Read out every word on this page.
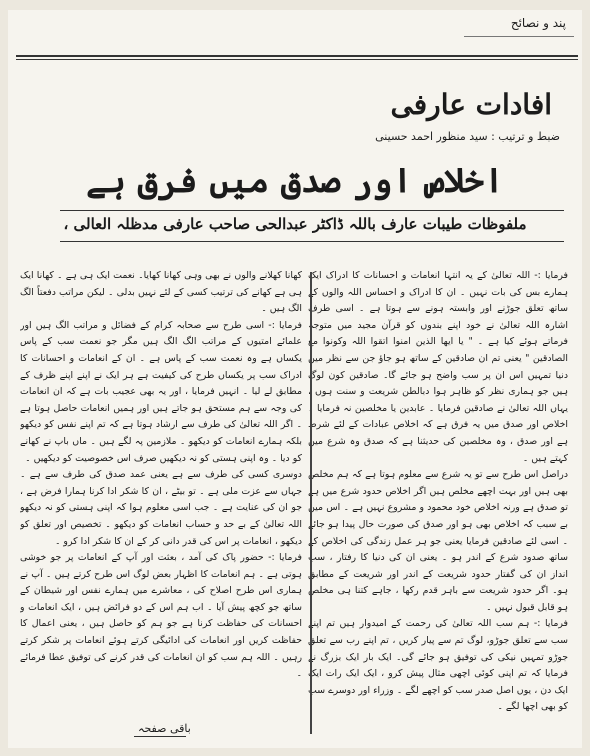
پند و نصائح
افادات عارفی
ضبط و ترتیب : سید منظور احمد حسینی
اخلاص اور صدق میں فرق ہے
ملفوظات طیبات عارف باللہ ڈاکٹر عبدالحی صاحب عارفی مدظلہ العالی ،

فرمایا :- اللہ تعالیٰ کے یہ انتہا انعامات و احسانات کا ادراک ایک ہمارے بس کی بات نہیں ۔ ان کا ادراک و احساس اللہ والوں کے ساتھ تعلق جوڑنے اور وابستہ ہونے سے ہوتا ہے ۔ اسی طرف اشارہ اللہ تعالیٰ نے خود اپنے بندوں کو قرآن مجید میں متوجہ فرماتے ہوئے کیا ہے ۔ " یا ایھا الذین امنوا اتقوا اللہ وکونوا مع الصادقین " یعنی تم ان صادقین کے ساتھ ہو جاؤ جن سے نظر میں دنیا تمہیں اس ان پر سب واضح ہو جائے گا۔ صادقین کون لوگ ہیں جو ہماری نظر کو ظاہر ہوا دبالطن شریعت و سنت ہوں ، یہاں اللہ تعالیٰ نے صادقین فرمایا ۔ عابدین یا مخلصین نہ فرمایا ۔ اخلاص اور صدق میں یہ فرق ہے کہ اخلاص عبادات کے لئے شرط ہے اور صدق ، وہ مخلصین کی حدیثنا ہے کہ صدق وہ شرع میں کہتے ہیں ۔

دراصل اس طرح سے تو یہ شرع سے معلوم ہوتا ہے کہ ہم مخلص بھی ہیں اور بہت اچھے مخلص ہیں اگر اخلاص حدود شرع میں ہے تو صدق ہے ورنہ اخلاص خود محمود و مشروع نہیں ہے ۔ اس میں بے سبب کہ اخلاص بھی ہو اور صدق کی صورت حال پیدا ہو جائے ۔ اسی لئے صادقین فرمایا یعنی جو ہر عمل زندگی کی اخلاص کے ساتھ صدود شرع کے اندر ہو ۔ یعنی ان کی دنیا کا رفتار ، سب انداز ان کی گفتار حدود شریعت کے اندر اور شریعت کے مطابق ہو۔ اگر حدود شریعت سے باہر قدم رکھا ، جاہے کتنا ہی مخلص ہو قابل قبول نہیں ۔

فرمایا :- ہم سب اللہ تعالیٰ کی رحمت کے امیدوار ہیں تم اپنے سب سے تعلق جوڑو، لوگ تم سے پیار کریں ، تم اپنے رب سے تعلق جوڑو تمہیں نیکی کی توفیق ہو جائے گی۔ ایک بار ایک بزرگ نے فرمایا کہ تم اپنی کوئی اچھی مثال پیش کرو ، ایک ایک رات ایک ایک دن ، یوں اصل صدر سب کو اچھے لگے ۔ وزراء اور دوسرے سب کو بھی اچھا لگے ۔

کھانا کھلانے والوں نے بھی وہی کھانا کھایا۔ نعمت ایک ہی ہے ۔ کھانا ایک ہی ہے کھانے کی ترتیب کسی کے لئے نہیں بدلی ۔ لیکن مراتب دفعتاً الگ الگ ہیں ۔

فرمایا :- اسی طرح سے صحابہ کرام کے فضائل و مراتب الگ ہیں اور علمائے امتیوں کے مراتب الگ الگ ہیں مگر جو نعمت سب کے پاس یکساں ہے وہ نعمت سب کے پاس ہے ۔ ان کے انعامات و احسانات کا ادراک سب پر یکساں طرح کی کیفیت ہے ہر ایک نے اپنے اپنے ظرف کے مطابق لے لیا ۔ انہیں فرمایا ، اور یہ بھی عجیب بات ہے کہ ان انعامات کی وجہ سے ہم مستحق ہو جاتے ہیں اور ہمیں انعامات حاصل ہوتا ہے ۔ اگر اللہ تعالیٰ کی طرف سے ارشاد ہوتا ہے کہ تم اپنے نفس کو دیکھو بلکہ ہمارے انعامات کو دیکھو ۔ ملازمین پہ لگے ہیں ۔ ماں باپ نے کھانے کو دیا ۔ وہ اپنی ہستی کو نہ دیکھیں صرف اس خصوصیت کو دیکھیں ۔

دوسری کسی کی طرف سے ہے یعنی عمد صدق کی طرف سے ہے ۔ جہاں سے عزت ملی ہے ۔ تو بیٹے ، ان کا شکر ادا کرنا ہمارا فرض ہے ، جو ان کی عنایت ہے ۔ جب اسی معلوم ہوا کہ اپنی ہستی کو نہ دیکھو اللہ تعالیٰ کے بے حد و حساب انعامات کو دیکھو ۔ تخصیص اور تعلق کو دیکھو ، انعامات پر اس کی قدر دانی کر کے ان کا شکر ادا کرو ۔

فرمایا :- حضور پاک کی آمد ، بعثت اور آپ کے انعامات پر جو خوشی ہوتی ہے ۔ ہم انعامات کا اظہار بعض لوگ اس طرح کرتے ہیں ۔ آپ نے ہماری اس طرح اصلاح کی ، معاشرے میں ہمارے نفس اور شیطان کے ساتھ جو کچھ پیش آیا ۔ اب ہم اس کے دو فرائض ہیں ، ایک انعامات و احسانات کی حفاظت کرنا ہے جو ہم کو حاصل ہیں ، یعنی اعمال کا حفاظت کریں اور انعامات کی ادائیگی کرتے ہوئے انعامات پر شکر کرتے رہیں ۔ اللہ ہم سب کو ان انعامات کی قدر کرنے کی توفیق عطا فرمائے ۔

باقی صفحہ
